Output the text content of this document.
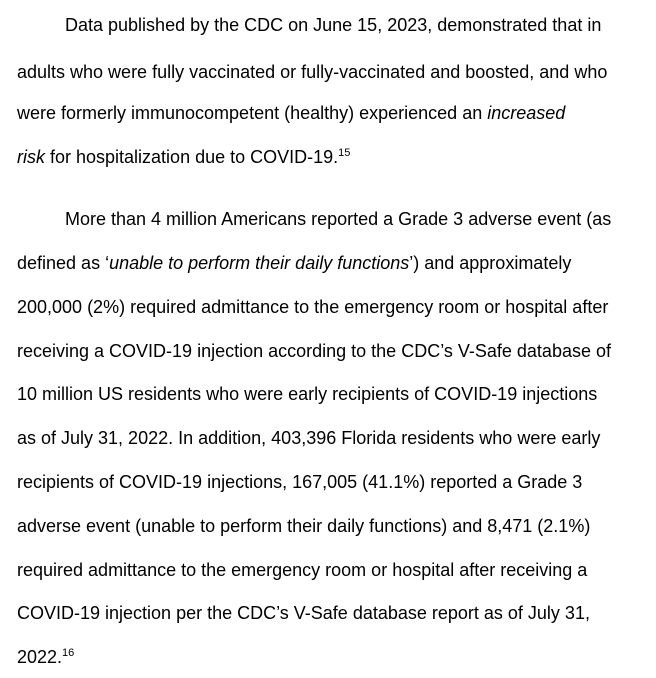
Data published by the CDC on June 15, 2023, demonstrated that in
adults who were fully vaccinated or fully-vaccinated and boosted, and who
were formerly immunocompetent (healthy) experienced an increased
risk for hospitalization due to COVID-19.15
More than 4 million Americans reported a Grade 3 adverse event (as
defined as ‘unable to perform their daily functions’) and approximately
200,000 (2%) required admittance to the emergency room or hospital after
receiving a COVID-19 injection according to the CDC’s V-Safe database of
10 million US residents who were early recipients of COVID-19 injections
as of July 31, 2022. In addition, 403,396 Florida residents who were early
recipients of COVID-19 injections, 167,005 (41.1%) reported a Grade 3
adverse event (unable to perform their daily functions) and 8,471 (2.1%)
required admittance to the emergency room or hospital after receiving a
COVID-19 injection per the CDC’s V-Safe database report as of July 31,
2022.16
